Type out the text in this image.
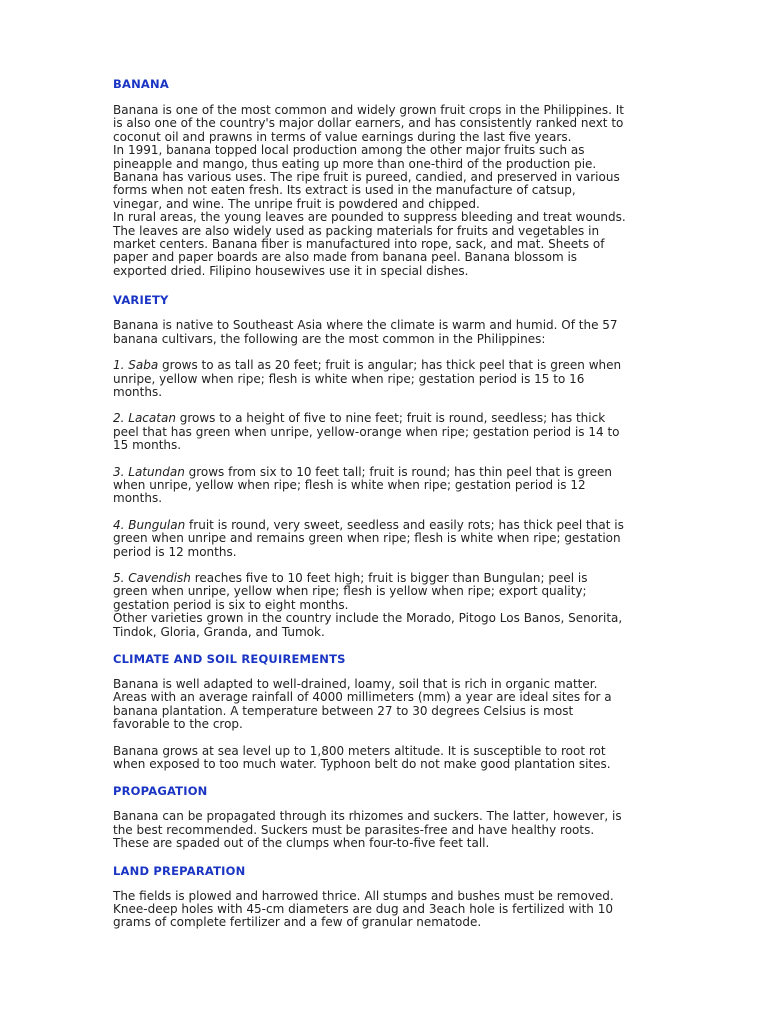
BANANA
Banana is one of the most common and widely grown fruit crops in the Philippines. It
is also one of the country's major dollar earners, and has consistently ranked next to
coconut oil and prawns in terms of value earnings during the last five years.
In 1991, banana topped local production among the other major fruits such as
pineapple and mango, thus eating up more than one-third of the production pie.
Banana has various uses. The ripe fruit is pureed, candied, and preserved in various
forms when not eaten fresh. Its extract is used in the manufacture of catsup,
vinegar, and wine. The unripe fruit is powdered and chipped.
In rural areas, the young leaves are pounded to suppress bleeding and treat wounds.
The leaves are also widely used as packing materials for fruits and vegetables in
market centers. Banana fiber is manufactured into rope, sack, and mat. Sheets of
paper and paper boards are also made from banana peel. Banana blossom is
exported dried. Filipino housewives use it in special dishes.
VARIETY
Banana is native to Southeast Asia where the climate is warm and humid. Of the 57
banana cultivars, the following are the most common in the Philippines:
1. Saba grows to as tall as 20 feet; fruit is angular; has thick peel that is green when
unripe, yellow when ripe; flesh is white when ripe; gestation period is 15 to 16
months.
2. Lacatan grows to a height of five to nine feet; fruit is round, seedless; has thick
peel that has green when unripe, yellow-orange when ripe; gestation period is 14 to
15 months.
3. Latundan grows from six to 10 feet tall; fruit is round; has thin peel that is green
when unripe, yellow when ripe; flesh is white when ripe; gestation period is 12
months.
4. Bungulan fruit is round, very sweet, seedless and easily rots; has thick peel that is
green when unripe and remains green when ripe; flesh is white when ripe; gestation
period is 12 months.
5. Cavendish reaches five to 10 feet high; fruit is bigger than Bungulan; peel is
green when unripe, yellow when ripe; flesh is yellow when ripe; export quality;
gestation period is six to eight months.
Other varieties grown in the country include the Morado, Pitogo Los Banos, Senorita,
Tindok, Gloria, Granda, and Tumok.
CLIMATE AND SOIL REQUIREMENTS
Banana is well adapted to well-drained, loamy, soil that is rich in organic matter.
Areas with an average rainfall of 4000 millimeters (mm) a year are ideal sites for a
banana plantation. A temperature between 27 to 30 degrees Celsius is most
favorable to the crop.
Banana grows at sea level up to 1,800 meters altitude. It is susceptible to root rot
when exposed to too much water. Typhoon belt do not make good plantation sites.
PROPAGATION
Banana can be propagated through its rhizomes and suckers. The latter, however, is
the best recommended. Suckers must be parasites-free and have healthy roots.
These are spaded out of the clumps when four-to-five feet tall.
LAND PREPARATION
The fields is plowed and harrowed thrice. All stumps and bushes must be removed.
Knee-deep holes with 45-cm diameters are dug and 3each hole is fertilized with 10
grams of complete fertilizer and a few of granular nematode.
